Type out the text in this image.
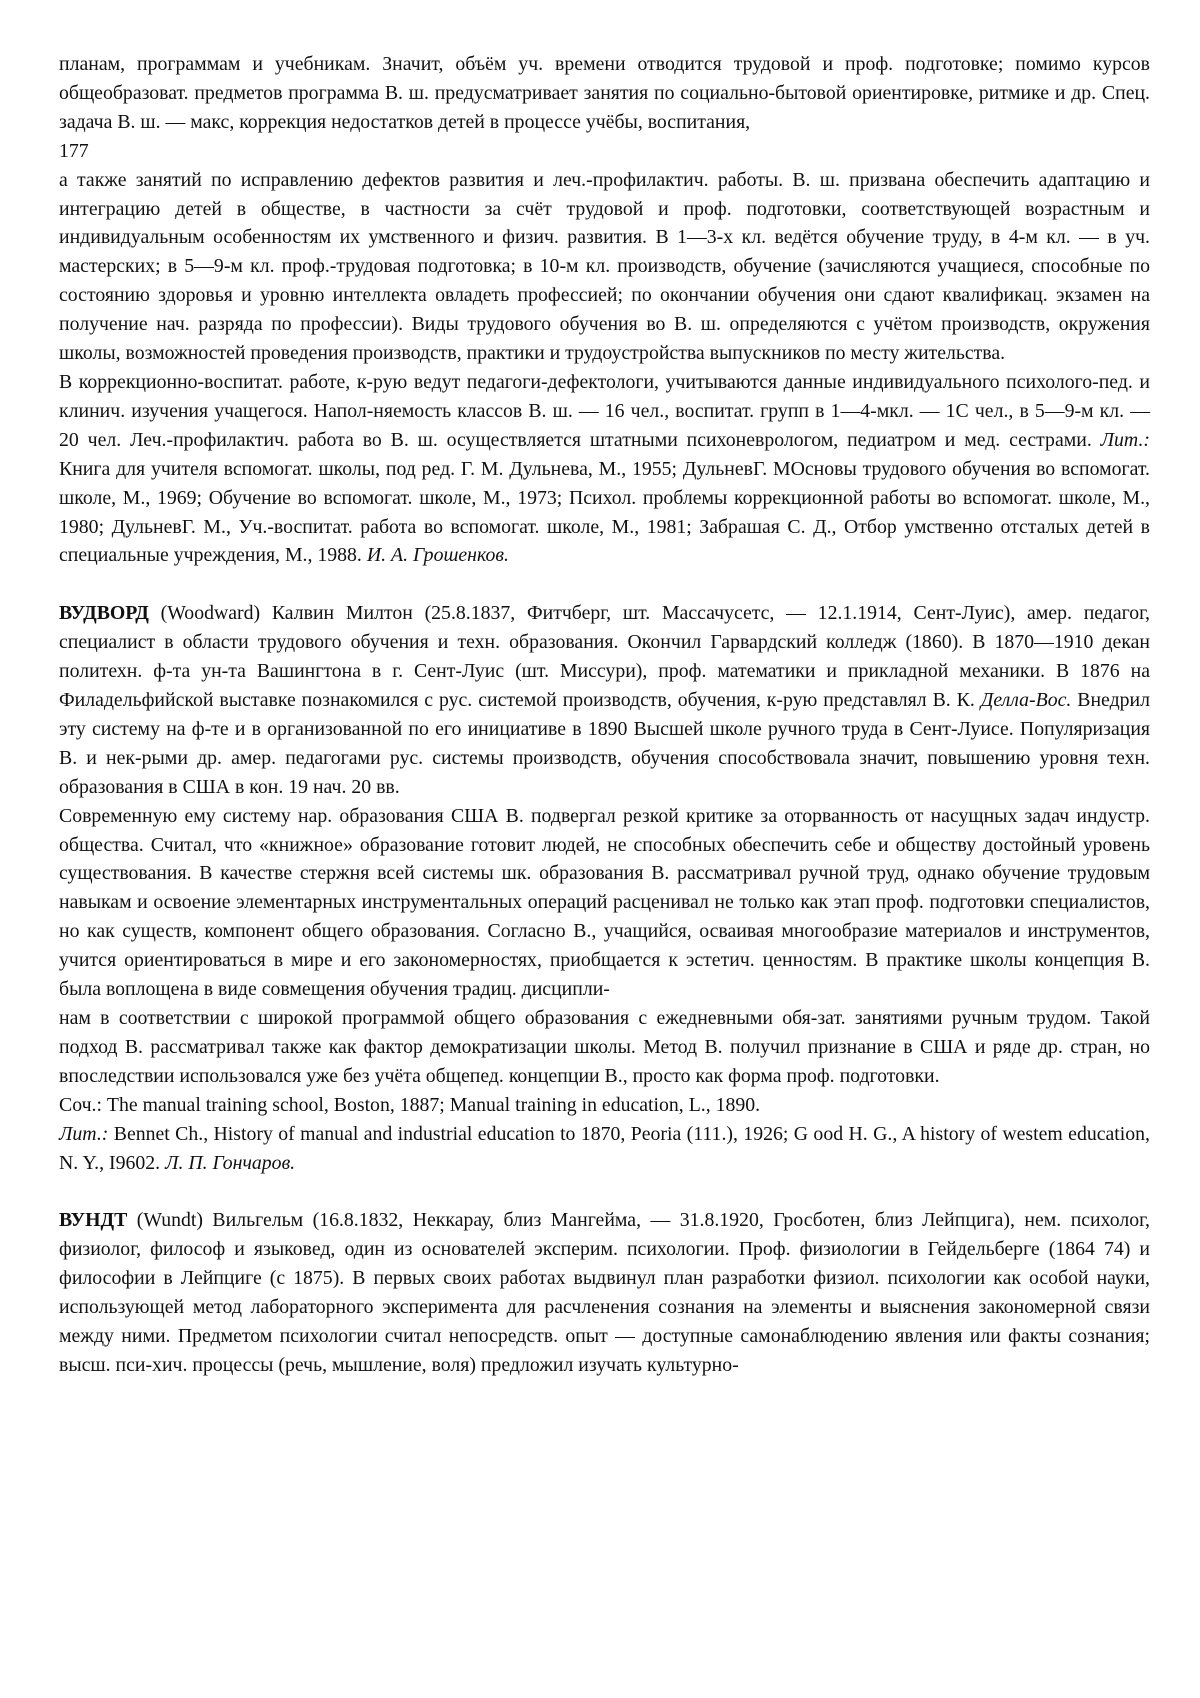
планам, программам и учебникам. Значит, объём уч. времени отводится трудовой и проф. подготовке; помимо курсов общеобразоват. предметов программа В. ш. предусматривает занятия по социально-бытовой ориентировке, ритмике и др. Спец. задача В. ш. — макс, коррекция недостатков детей в процессе учёбы, воспитания,

177

а также занятий по исправлению дефектов развития и леч.-профилактич. работы. В. ш. призвана обеспечить адаптацию и интеграцию детей в обществе, в частности за счёт трудовой и проф. подготовки, соответствующей возрастным и индивидуальным особенностям их умственного и физич. развития. В 1—3-х кл. ведётся обучение труду, в 4-м кл. — в уч. мастерских; в 5—9-м кл. проф.-трудовая подготовка; в 10-м кл. производств, обучение (зачисляются учащиеся, способные по состоянию здоровья и уровню интеллекта овладеть профессией; по окончании обучения они сдают квалификац. экзамен на получение нач. разряда по профессии). Виды трудового обучения во В. ш. определяются с учётом производств, окружения школы, возможностей проведения производств, практики и трудоустройства выпускников по месту жительства.

В коррекционно-воспитат. работе, к-рую ведут педагоги-дефектологи, учитываются данные индивидуального психолого-пед. и клинич. изучения учащегося. Напол-няемость классов В. ш. — 16 чел., воспитат. групп в 1—4-мкл. — 1С чел., в 5—9-м кл. — 20 чел. Леч.-профилактич. работа во В. ш. осуществляется штатными психоневрологом, педиатром и мед. сестрами. Лит.: Книга для учителя вспомогат. школы, под ред. Г. М. Дульнева, М., 1955; ДульневГ. МОсновы трудового обучения во вспомогат. школе, М., 1969; Обучение во вспомогат. школе, М., 1973; Психол. проблемы коррекционной работы во вспомогат. школе, М., 1980; ДульневГ. М., Уч.-воспитат. работа во вспомогат. школе, М., 1981; Забрашая С. Д., Отбор умственно отсталых детей в специальные учреждения, М., 1988. И. А. Грошенков.

ВУДВОРД (Woodward) Калвин Милтон (25.8.1837, Фитчберг, шт. Массачусетс, — 12.1.1914, Сент-Луис), амер. педагог, специалист в области трудового обучения и техн. образования. Окончил Гарвардский колледж (1860). В 1870—1910 декан политехн. ф-та ун-та Вашингтона в г. Сент-Луис (шт. Миссури), проф. математики и прикладной механики. В 1876 на Филадельфийской выставке познакомился с рус. системой производств, обучения, к-рую представлял В. К. Делла-Вос. Внедрил эту систему на ф-те и в организованной по его инициативе в 1890 Высшей школе ручного труда в Сент-Луисе. Популяризация В. и нек-рыми др. амер. педагогами рус. системы производств, обучения способствовала значит, повышению уровня техн. образования в США в кон. 19 нач. 20 вв.

Современную ему систему нар. образования США В. подвергал резкой критике за оторванность от насущных задач индустр. общества. Считал, что «книжное» образование готовит людей, не способных обеспечить себе и обществу достойный уровень существования. В качестве стержня всей системы шк. образования В. рассматривал ручной труд, однако обучение трудовым навыкам и освоение элементарных инструментальных операций расценивал не только как этап проф. подготовки специалистов, но как существ, компонент общего образования. Согласно В., учащийся, осваивая многообразие материалов и инструментов, учится ориентироваться в мире и его закономерностях, приобщается к эстетич. ценностям. В практике школы концепция В. была воплощена в виде совмещения обучения традиц. дисципли-

нам в соответствии с широкой программой общего образования с ежедневными обя-зат. занятиями ручным трудом. Такой подход В. рассматривал также как фактор демократизации школы. Метод В. получил признание в США и ряде др. стран, но впоследствии использовался уже без учёта общепед. концепции В., просто как форма проф. подготовки.

Соч.: The manual training school, Boston, 1887; Manual training in education, L., 1890.

Лит.: Bennet Ch., History of manual and industrial education to 1870, Peoria (111.), 1926; G ood H. G., A history of westem education, N. Y., I9602. Л. П. Гончаров.

ВУНДТ (Wundt) Вильгельм (16.8.1832, Неккарау, близ Мангейма, — 31.8.1920, Гросботен, близ Лейпцига), нем. психолог, физиолог, философ и языковед, один из основателей эксперим. психологии. Проф. физиологии в Гейдельберге (1864 74) и философии в Лейпциге (с 1875). В первых своих работах выдвинул план разработки физиол. психологии как особой науки, использующей метод лабораторного эксперимента для расчленения сознания на элементы и выяснения закономерной связи между ними. Предметом психологии считал непосредств. опыт — доступные самонаблюдению явления или факты сознания; высш. пси-хич. процессы (речь, мышление, воля) предложил изучать культурно-
